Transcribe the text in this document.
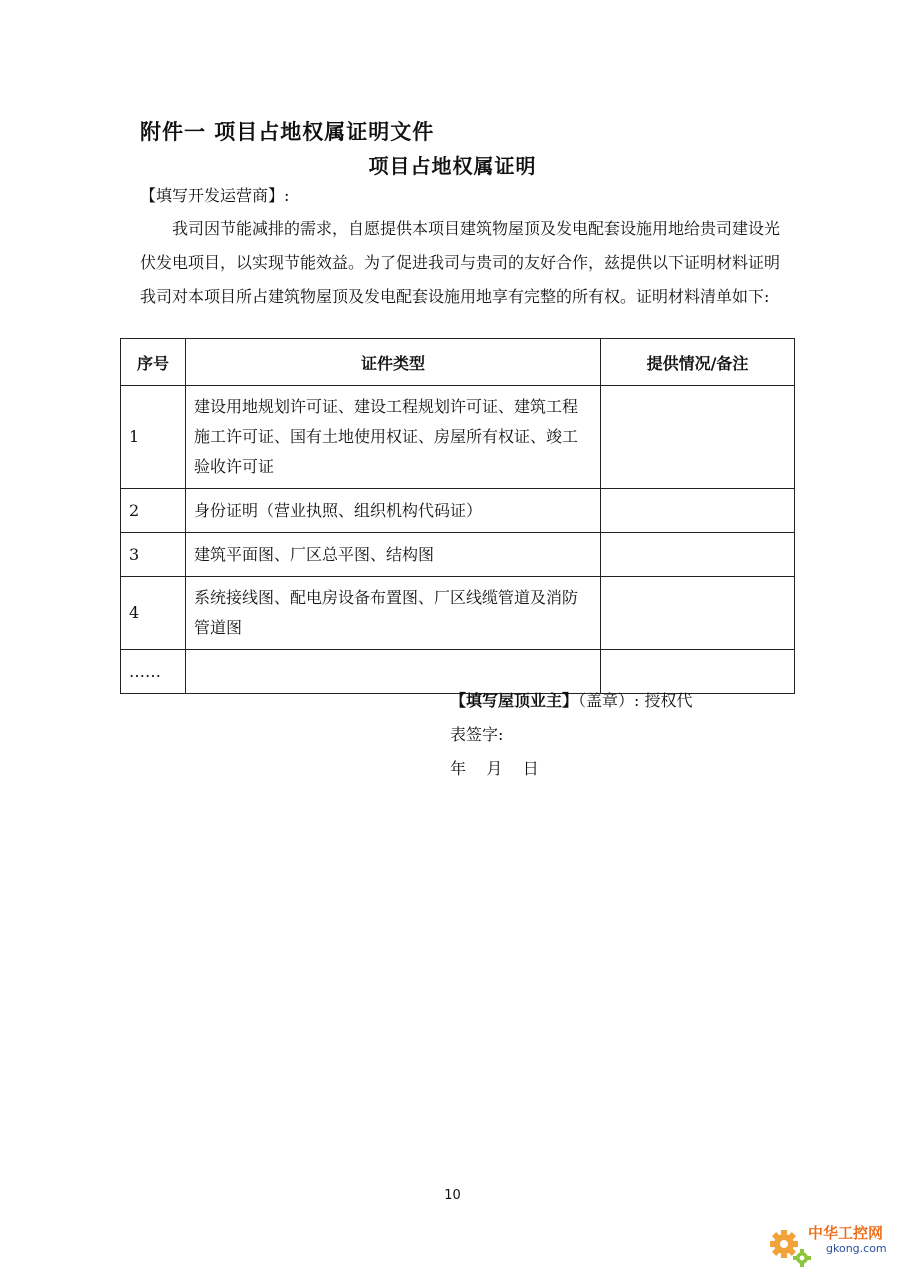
附件一 项目占地权属证明文件
项目占地权属证明
【填写开发运营商】:
我司因节能减排的需求，自愿提供本项目建筑物屋顶及发电配套设施用地给贵司建设光伏发电项目，以实现节能效益。为了促进我司与贵司的友好合作，兹提供以下证明材料证明我司对本项目所占建筑物屋顶及发电配套设施用地享有完整的所有权。证明材料清单如下:
序号	证件类型	提供情况/备注
1	建设用地规划许可证、建设工程规划许可证、建筑工程施工许可证、国有土地使用权证、房屋所有权证、竣工验收许可证	
2	身份证明（营业执照、组织机构代码证）	
3	建筑平面图、厂区总平图、结构图	
4	系统接线图、配电房设备布置图、厂区线缆管道及消防管道图	
……		
【填写屋顶业主】（盖章）: 授权代
表签字:
年    月    日
10
中华工控网
gkong.com
